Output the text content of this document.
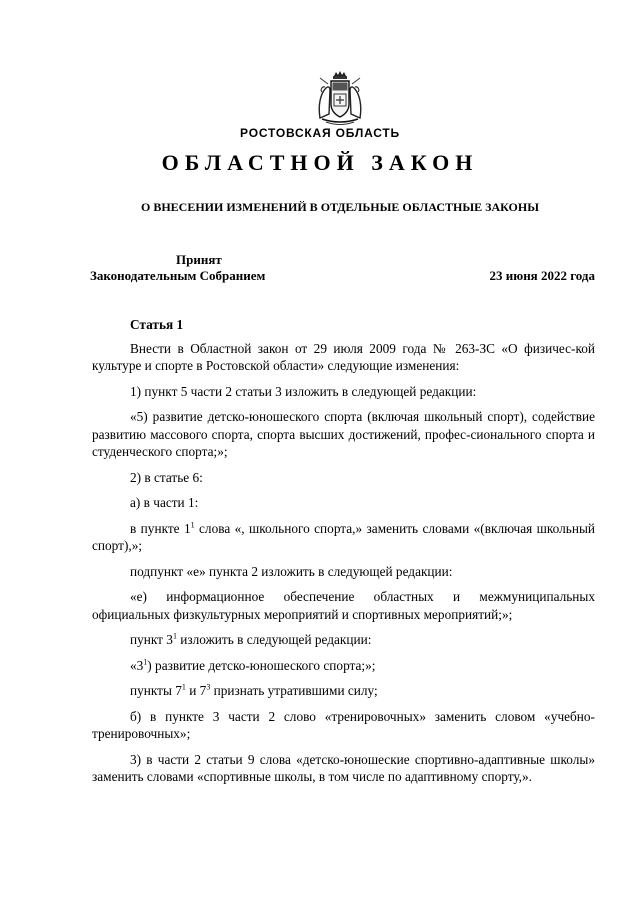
РОСТОВСКАЯ ОБЛАСТЬ
ОБЛАСТНОЙ ЗАКОН
О ВНЕСЕНИИ ИЗМЕНЕНИЙ В ОТДЕЛЬНЫЕ ОБЛАСТНЫЕ ЗАКОНЫ
Принят
Законодательным Собранием	23 июня 2022 года

Статья 1

Внести в Областной закон от 29 июля 2009 года № 263-ЗС «О физичес-кой культуре и спорте в Ростовской области» следующие изменения:

1) пункт 5 части 2 статьи 3 изложить в следующей редакции:

«5) развитие детско-юношеского спорта (включая школьный спорт), содействие развитию массового спорта, спорта высших достижений, профес-сионального спорта и студенческого спорта;»;

2) в статье 6:

а) в части 1:

в пункте $1^1$ слова «, школьного спорта,» заменить словами «(включая школьный спорт),»;

подпункт «е» пункта 2 изложить в следующей редакции:

«е) информационное обеспечение областных и межмуниципальных официальных физкультурных мероприятий и спортивных мероприятий;»;

пункт $3^1$ изложить в следующей редакции:

«$3^1$) развитие детско-юношеского спорта;»;

пункты $7^1$ и $7^3$ признать утратившими силу;

б) в пункте 3 части 2 слово «тренировочных» заменить словом «учебно-тренировочных»;

3) в части 2 статьи 9 слова «детско-юношеские спортивно-адаптивные школы» заменить словами «спортивные школы, в том числе по адаптивному спорту,».
